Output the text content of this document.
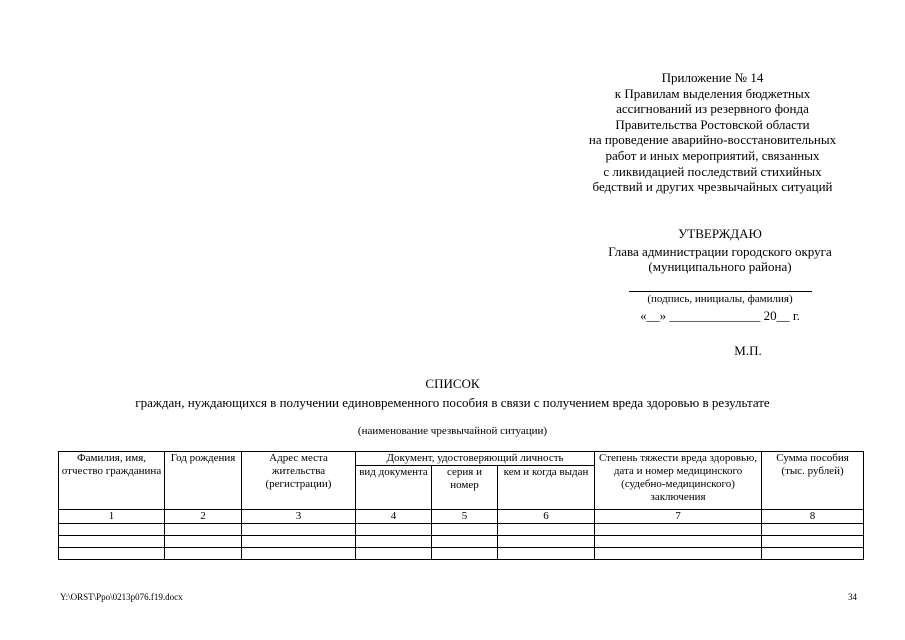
Приложение № 14
к Правилам выделения бюджетных
ассигнований из резервного фонда
Правительства Ростовской области
на проведение аварийно-восстановительных
работ и иных мероприятий, связанных
с ликвидацией последствий стихийных
бедствий и других чрезвычайных ситуаций
УТВЕРЖДАЮ
Глава администрации городского округа
(муниципального района)
(подпись, инициалы, фамилия)
«__» ______________ 20__ г.
М.П.
СПИСОК
граждан, нуждающихся в получении единовременного пособия в связи с получением вреда здоровью в результате
(наименование чрезвычайной ситуации)
Фамилия, имя, отчество гражданина	Год рождения	Адрес места жительства (регистрации)	Документ, удостоверяющий личность			Степень тяжести вреда здоровью, дата и номер медицинского (судебно-медицинского) заключения	Сумма пособия (тыс. рублей)
			вид документа	серия и номер	кем и когда выдан		
1	2	3	4	5	6	7	8

Y:\ORST\Ppo\0213p076.f19.docx	34
